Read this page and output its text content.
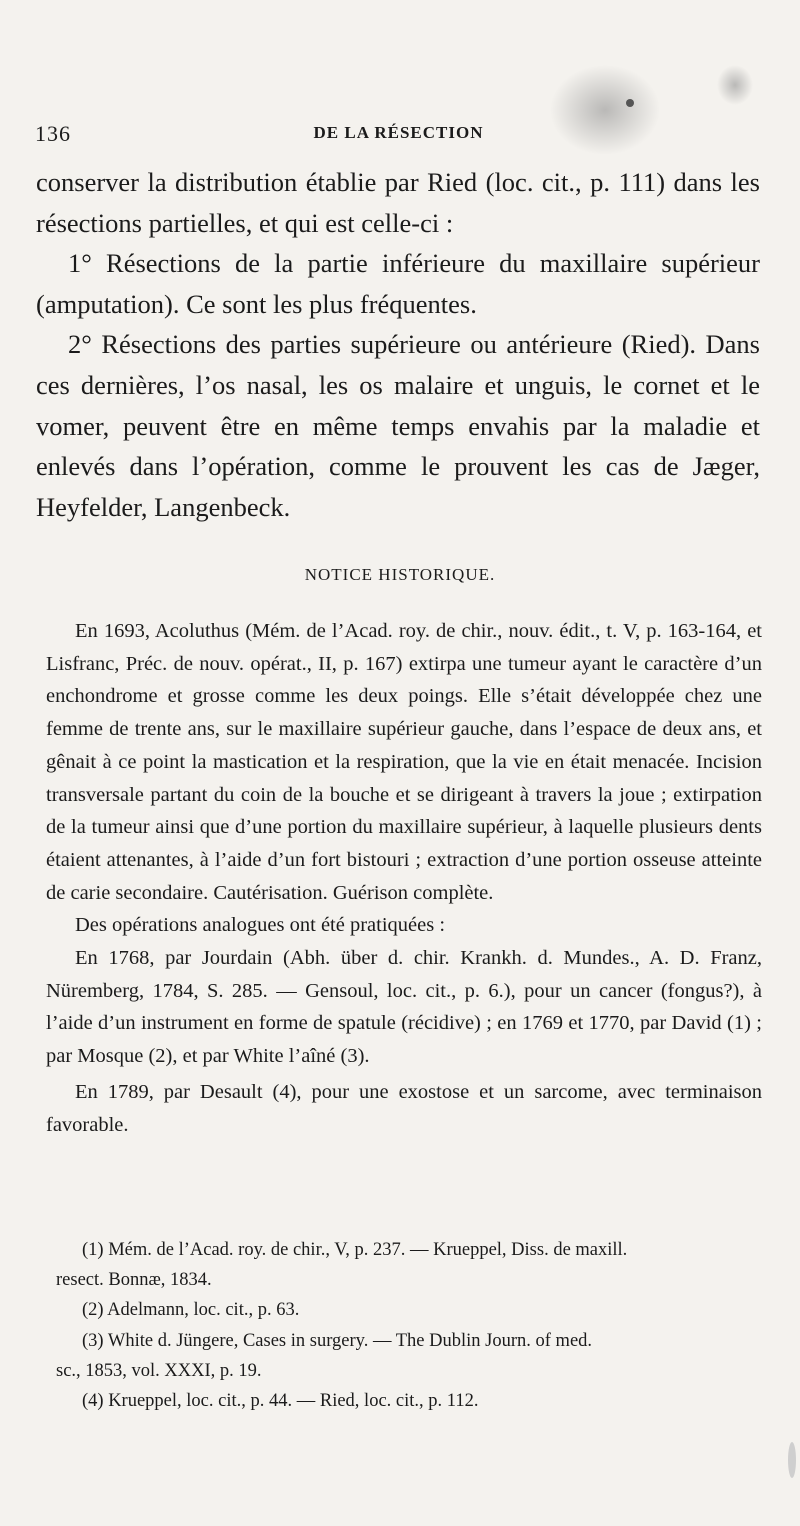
136	DE LA RÉSECTION

conserver la distribution établie par Ried (loc. cit., p. 111) dans les résections partielles, et qui est celle-ci :

1° Résections de la partie inférieure du maxillaire supérieur (amputation). Ce sont les plus fréquentes.

2° Résections des parties supérieure ou antérieure (Ried). Dans ces dernières, l’os nasal, les os malaire et unguis, le cornet et le vomer, peuvent être en même temps envahis par la maladie et enlevés dans l’opération, comme le prouvent les cas de Jæger, Heyfelder, Langenbeck.

NOTICE HISTORIQUE.

En 1693, Acoluthus (Mém. de l’Acad. roy. de chir., nouv. édit., t. V, p. 163-164, et Lisfranc, Préc. de nouv. opérat., II, p. 167) extirpa une tumeur ayant le caractère d’un enchondrome et grosse comme les deux poings. Elle s’était développée chez une femme de trente ans, sur le maxillaire supérieur gauche, dans l’espace de deux ans, et gênait à ce point la mastication et la respiration, que la vie en était menacée. Incision transversale partant du coin de la bouche et se dirigeant à travers la joue ; extirpation de la tumeur ainsi que d’une portion du maxillaire supérieur, à laquelle plusieurs dents étaient attenantes, à l’aide d’un fort bistouri ; extraction d’une portion osseuse atteinte de carie secondaire. Cautérisation. Guérison complète.

Des opérations analogues ont été pratiquées :

En 1768, par Jourdain (Abh. über d. chir. Krankh. d. Mundes., A. D. Franz, Nüremberg, 1784, S. 285. — Gensoul, loc. cit., p. 6.), pour un cancer (fongus?), à l’aide d’un instrument en forme de spatule (récidive) ; en 1769 et 1770, par David (1) ; par Mosque (2), et par White l’aîné (3).

En 1789, par Desault (4), pour une exostose et un sarcome, avec terminaison favorable.

(1) Mém. de l’Acad. roy. de chir., V, p. 237. — Krueppel, Diss. de maxill.

resect. Bonnæ, 1834.

(2) Adelmann, loc. cit., p. 63.

(3) White d. Jüngere, Cases in surgery. — The Dublin Journ. of med.

sc., 1853, vol. XXXI, p. 19.

(4) Krueppel, loc. cit., p. 44. — Ried, loc. cit., p. 112.
